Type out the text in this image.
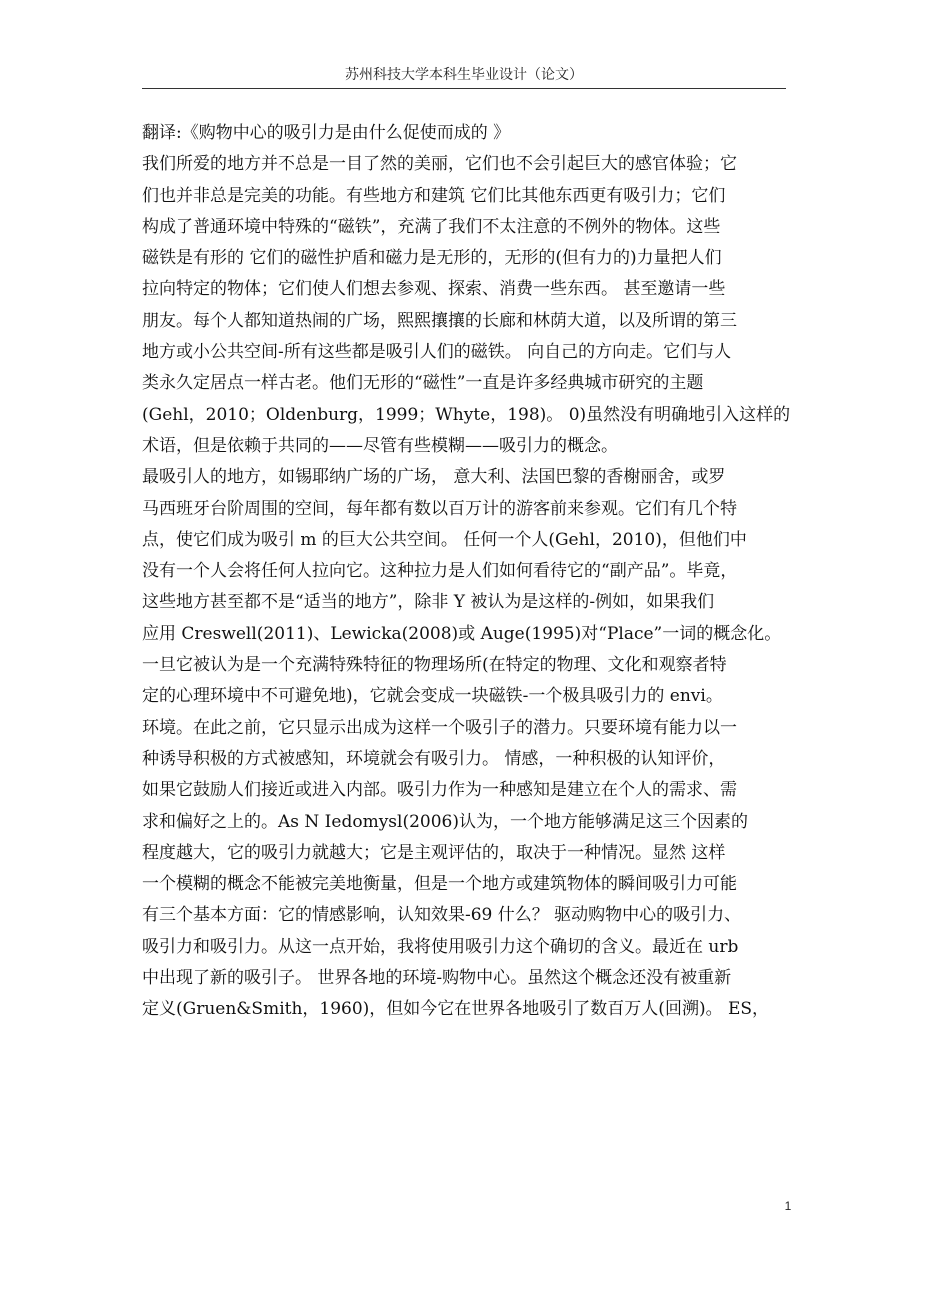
苏州科技大学本科生毕业设计（论文）
翻译:《购物中心的吸引力是由什么促使而成的 》
我们所爱的地方并不总是一目了然的美丽，它们也不会引起巨大的感官体验；它
们也并非总是完美的功能。有些地方和建筑 它们比其他东西更有吸引力；它们
构成了普通环境中特殊的“磁铁”，充满了我们不太注意的不例外的物体。这些
磁铁是有形的 它们的磁性护盾和磁力是无形的，无形的(但有力的)力量把人们
拉向特定的物体；它们使人们想去参观、探索、消费一些东西。 甚至邀请一些
朋友。每个人都知道热闹的广场，熙熙攘攘的长廊和林荫大道，以及所谓的第三
地方或小公共空间-所有这些都是吸引人们的磁铁。 向自己的方向走。它们与人
类永久定居点一样古老。他们无形的“磁性”一直是许多经典城市研究的主题
(Gehl，2010；Oldenburg，1999；Whyte，198)。 0)虽然没有明确地引入这样的
术语，但是依赖于共同的——尽管有些模糊——吸引力的概念。
最吸引人的地方，如锡耶纳广场的广场， 意大利、法国巴黎的香榭丽舍，或罗
马西班牙台阶周围的空间，每年都有数以百万计的游客前来参观。它们有几个特
点，使它们成为吸引 m 的巨大公共空间。 任何一个人(Gehl，2010)，但他们中
没有一个人会将任何人拉向它。这种拉力是人们如何看待它的“副产品”。毕竟，
这些地方甚至都不是“适当的地方”，除非 Y 被认为是这样的-例如，如果我们
应用 Creswell(2011)、Lewicka(2008)或 Auge(1995)对“Place”一词的概念化。
一旦它被认为是一个充满特殊特征的物理场所(在特定的物理、文化和观察者特
定的心理环境中不可避免地)，它就会变成一块磁铁-一个极具吸引力的 envi。
环境。在此之前，它只显示出成为这样一个吸引子的潜力。只要环境有能力以一
种诱导积极的方式被感知，环境就会有吸引力。 情感，一种积极的认知评价，
如果它鼓励人们接近或进入内部。吸引力作为一种感知是建立在个人的需求、需
求和偏好之上的。As N Iedomysl(2006)认为，一个地方能够满足这三个因素的
程度越大，它的吸引力就越大；它是主观评估的，取决于一种情况。显然 这样
一个模糊的概念不能被完美地衡量，但是一个地方或建筑物体的瞬间吸引力可能
有三个基本方面：它的情感影响，认知效果-69 什么？ 驱动购物中心的吸引力、
吸引力和吸引力。从这一点开始，我将使用吸引力这个确切的含义。最近在 urb
中出现了新的吸引子。 世界各地的环境-购物中心。虽然这个概念还没有被重新
定义(Gruen&Smith，1960)，但如今它在世界各地吸引了数百万人(回溯)。 ES，
1
